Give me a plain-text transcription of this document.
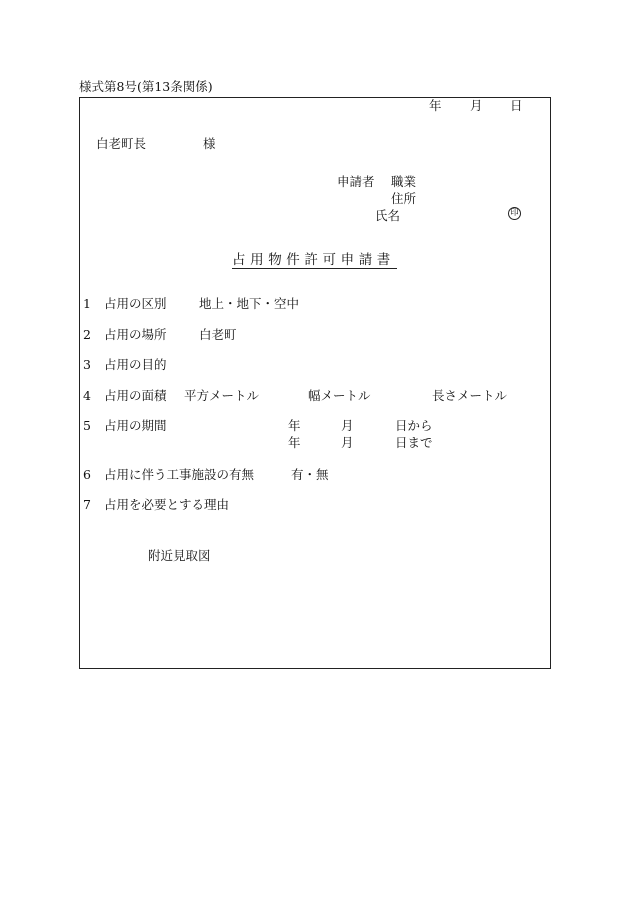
様式第8号(第13条関係)
年 月 日
白老町長	様
申請者 職業
住所
氏名	印
占用物件許可申請書
1 占用の区別	地上・地下・空中
2 占用の場所	白老町
3 占用の目的
4 占用の面積 平方メートル	幅メートル	長さメートル
5 占用の期間	年	月	日から
年	月	日まで
6 占用に伴う工事施設の有無	有・無
7 占用を必要とする理由
附近見取図
